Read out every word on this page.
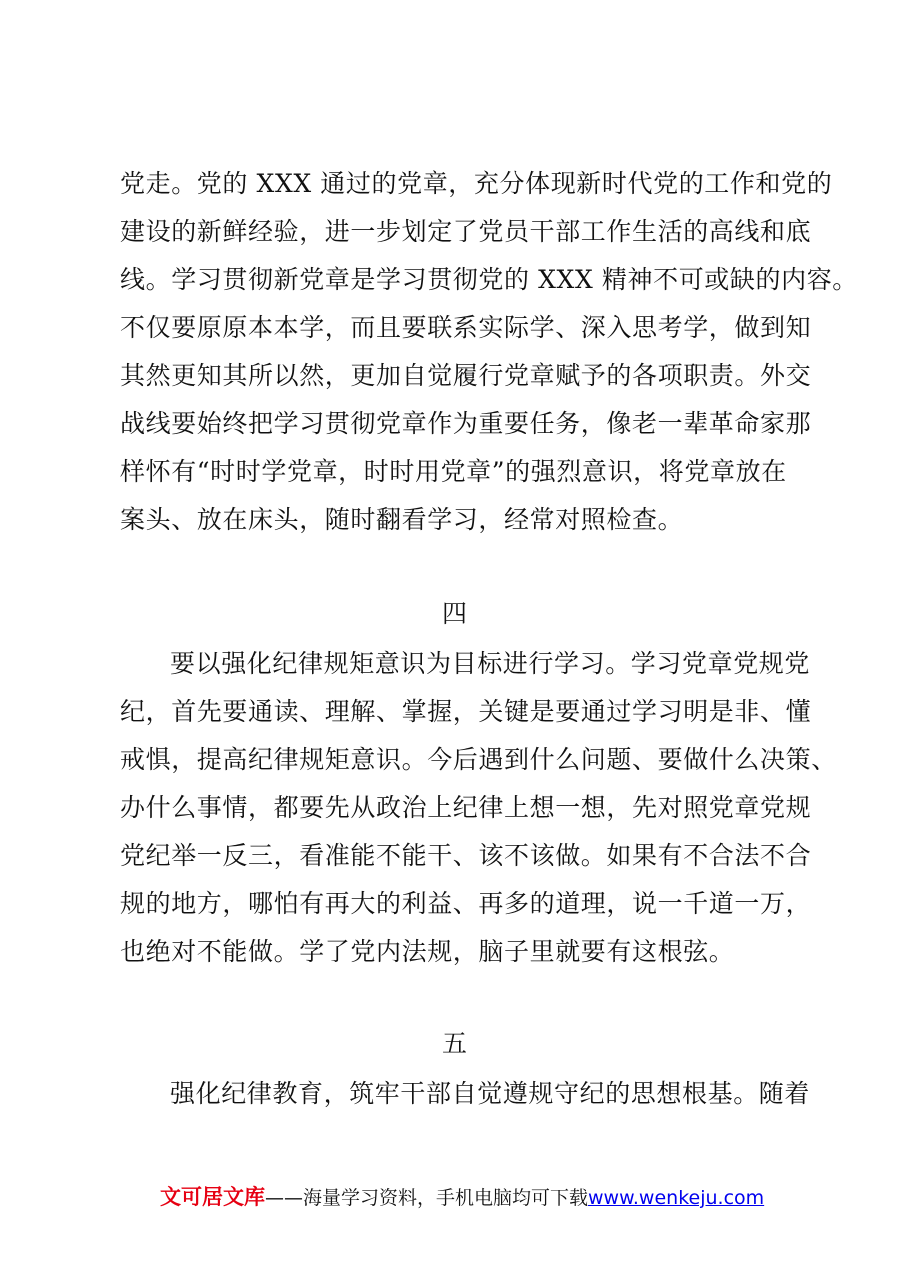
党走。党的 XXX 通过的党章，充分体现新时代党的工作和党的
建设的新鲜经验，进一步划定了党员干部工作生活的高线和底
线。学习贯彻新党章是学习贯彻党的 XXX 精神不可或缺的内容。
不仅要原原本本学，而且要联系实际学、深入思考学，做到知
其然更知其所以然，更加自觉履行党章赋予的各项职责。外交
战线要始终把学习贯彻党章作为重要任务，像老一辈革命家那
样怀有“时时学党章，时时用党章”的强烈意识，将党章放在
案头、放在床头，随时翻看学习，经常对照检查。
四
要以强化纪律规矩意识为目标进行学习。学习党章党规党
纪，首先要通读、理解、掌握，关键是要通过学习明是非、懂
戒惧，提高纪律规矩意识。今后遇到什么问题、要做什么决策、
办什么事情，都要先从政治上纪律上想一想，先对照党章党规
党纪举一反三，看准能不能干、该不该做。如果有不合法不合
规的地方，哪怕有再大的利益、再多的道理，说一千道一万，
也绝对不能做。学了党内法规，脑子里就要有这根弦。
五
强化纪律教育，筑牢干部自觉遵规守纪的思想根基。随着
文可居文库——海量学习资料，手机电脑均可下载www.wenkeju.com
